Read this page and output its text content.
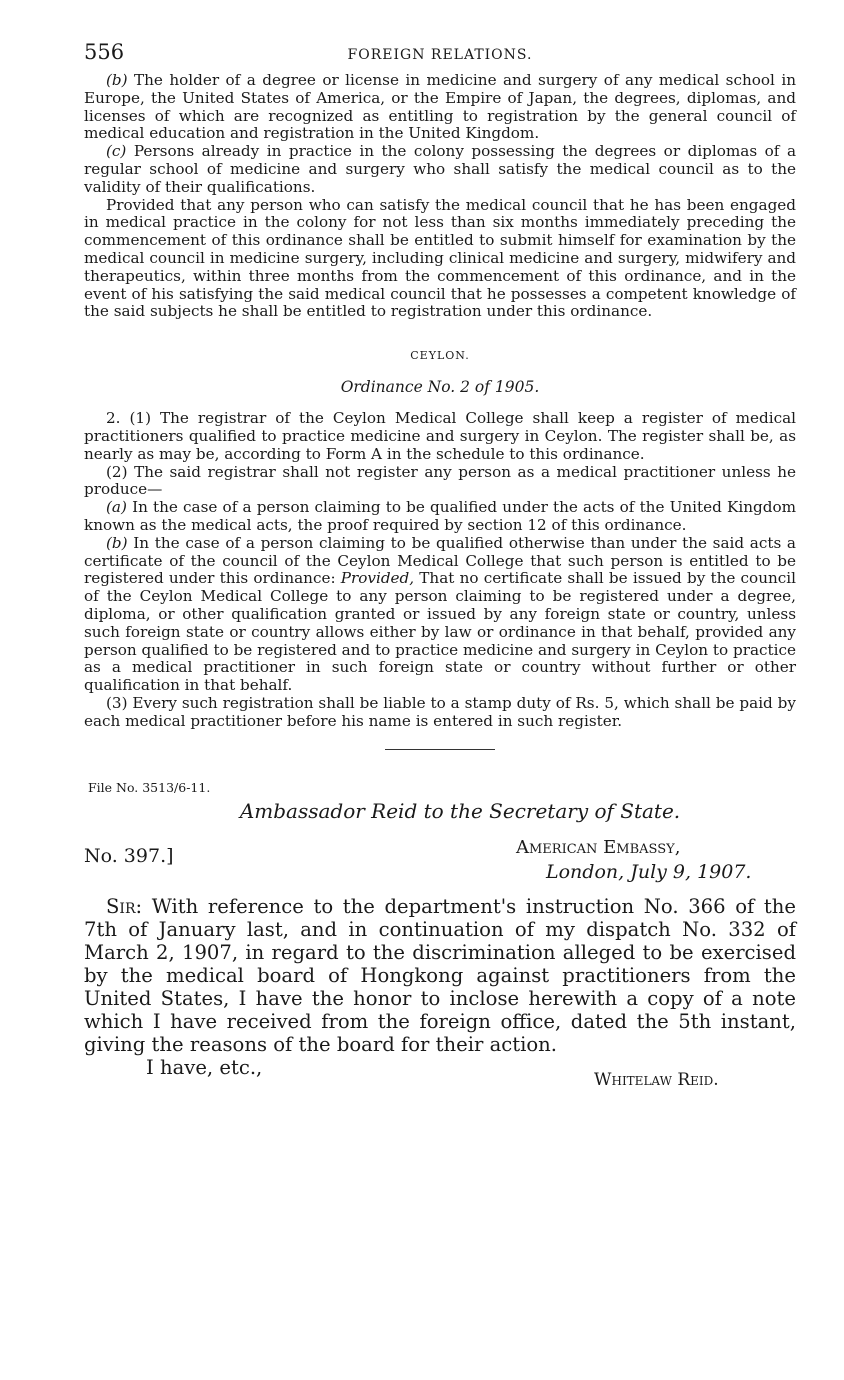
556	FOREIGN RELATIONS.

(b) The holder of a degree or license in medicine and surgery of any medical school in Europe, the United States of America, or the Empire of Japan, the degrees, diplomas, and licenses of which are recognized as entitling to registration by the general council of medical education and registration in the United Kingdom.

(c) Persons already in practice in the colony possessing the degrees or diplomas of a regular school of medicine and surgery who shall satisfy the medical council as to the validity of their qualifications.

Provided that any person who can satisfy the medical council that he has been engaged in medical practice in the colony for not less than six months immediately preceding the commencement of this ordinance shall be entitled to submit himself for examination by the medical council in medicine surgery, including clinical medicine and surgery, midwifery and therapeutics, within three months from the commencement of this ordinance, and in the event of his satisfying the said medical council that he possesses a competent knowledge of the said subjects he shall be entitled to registration under this ordinance.

CEYLON.
Ordinance No. 2 of 1905.

2. (1) The registrar of the Ceylon Medical College shall keep a register of medical practitioners qualified to practice medicine and surgery in Ceylon. The register shall be, as nearly as may be, according to Form A in the schedule to this ordinance.

(2) The said registrar shall not register any person as a medical practitioner unless he produce—

(a) In the case of a person claiming to be qualified under the acts of the United Kingdom known as the medical acts, the proof required by section 12 of this ordinance.

(b) In the case of a person claiming to be qualified otherwise than under the said acts a certificate of the council of the Ceylon Medical College that such person is entitled to be registered under this ordinance: Provided, That no certificate shall be issued by the council of the Ceylon Medical College to any person claiming to be registered under a degree, diploma, or other qualification granted or issued by any foreign state or country, unless such foreign state or country allows either by law or ordinance in that behalf, provided any person qualified to be registered and to practice medicine and surgery in Ceylon to practice as a medical practitioner in such foreign state or country without further or other qualification in that behalf.

(3) Every such registration shall be liable to a stamp duty of Rs. 5, which shall be paid by each medical practitioner before his name is entered in such register.

File No. 3513/6-11.
Ambassador Reid to the Secretary of State.
No. 397.]	American Embassy,
London, July 9, 1907.

Sir: With reference to the department's instruction No. 366 of the 7th of January last, and in continuation of my dispatch No. 332 of March 2, 1907, in regard to the discrimination alleged to be exercised by the medical board of Hongkong against practitioners from the United States, I have the honor to inclose herewith a copy of a note which I have received from the foreign office, dated the 5th instant, giving the reasons of the board for their action.

I have, etc.,
Whitelaw Reid.
